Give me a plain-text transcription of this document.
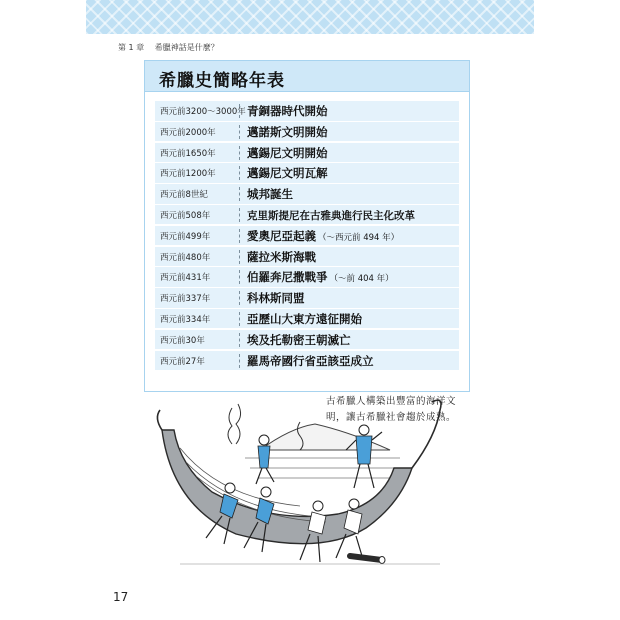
第 1 章 希臘神話是什麼？
希臘史簡略年表
西元前3200～3000年 青銅器時代開始
西元前2000年	邁諾斯文明開始
西元前1650年	邁錫尼文明開始
西元前1200年	邁錫尼文明瓦解
西元前8世紀	城邦誕生
西元前508年	克里斯提尼在古雅典進行民主化改革
西元前499年	愛奧尼亞起義 （～西元前 494 年）
西元前480年	薩拉米斯海戰
西元前431年	伯羅奔尼撒戰爭 （～前 404 年）
西元前337年	科林斯同盟
西元前334年	亞歷山大東方遠征開始
西元前30年	埃及托勒密王朝滅亡
西元前27年	羅馬帝國行省亞該亞成立
古希臘人構築出豐富的海洋文
明，讓古希臘社會趨於成熟。
17
